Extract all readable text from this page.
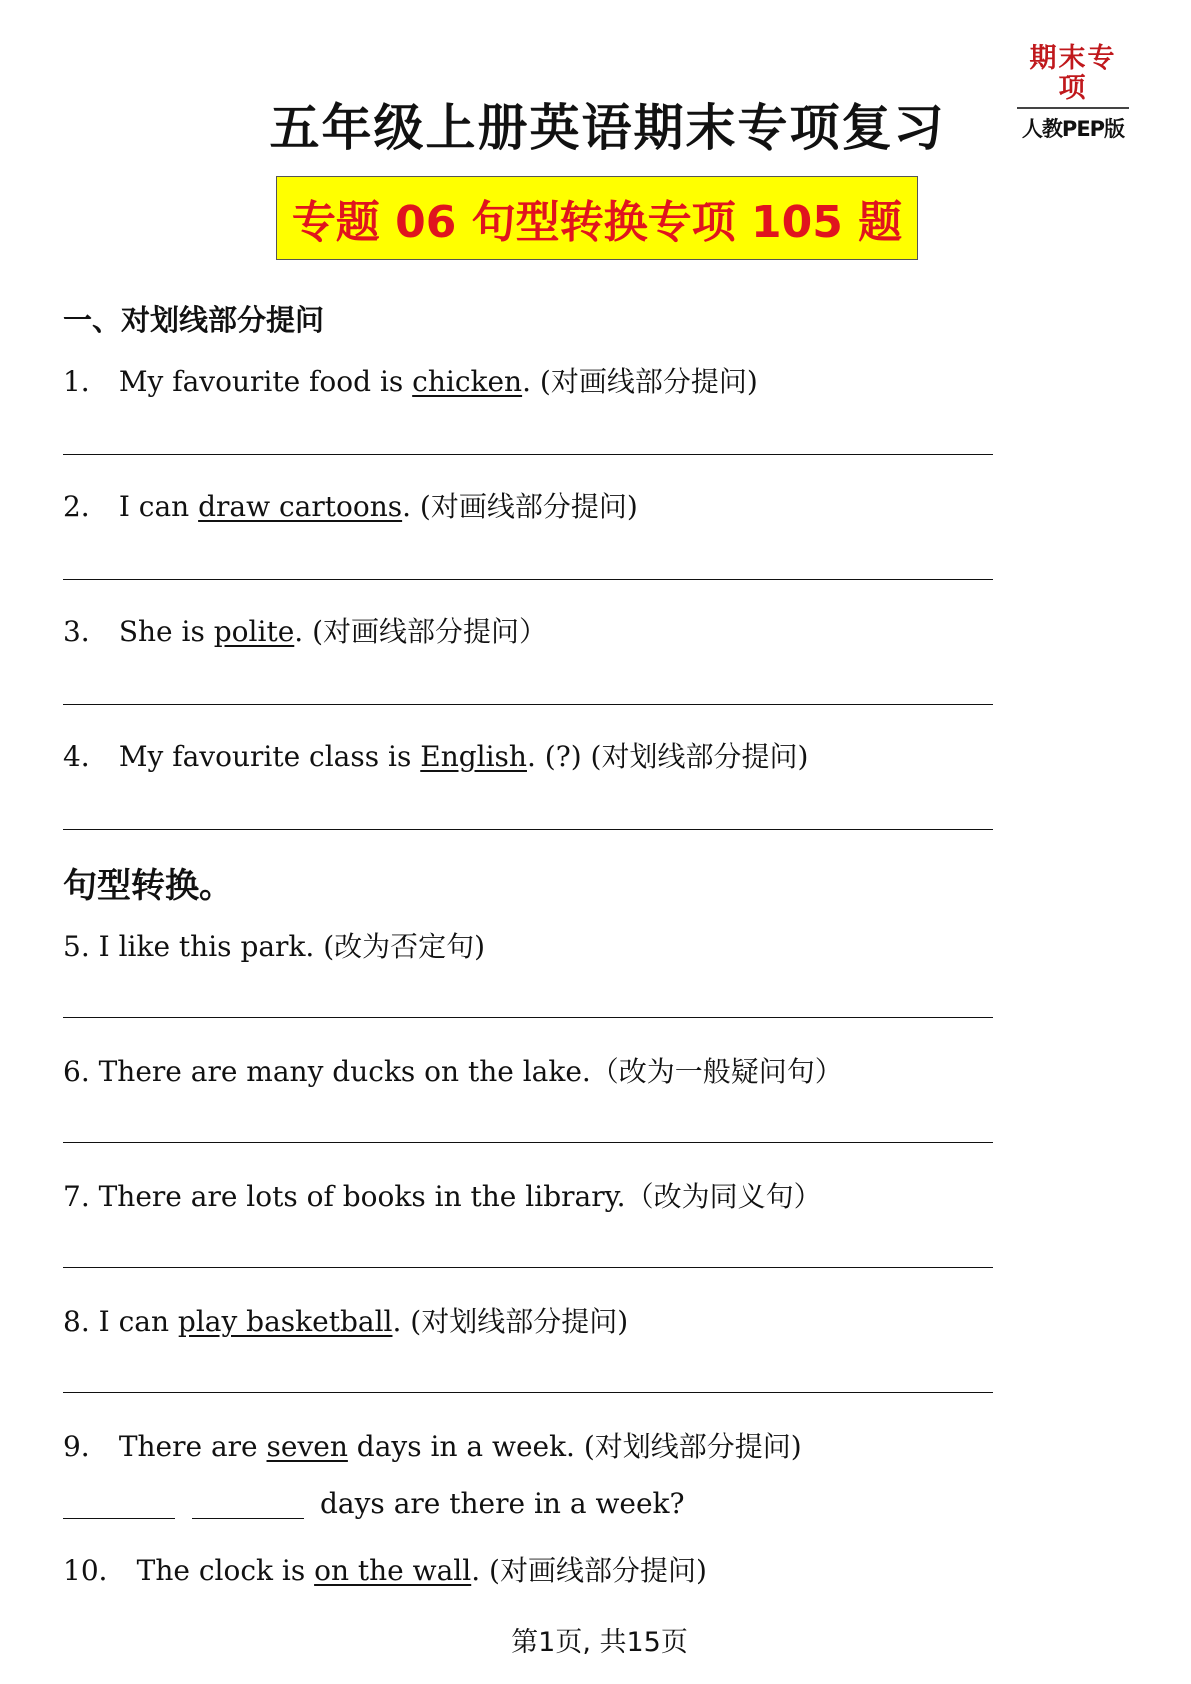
期末专项
人教PEP版
五年级上册英语期末专项复习
专题 06 句型转换专项 105 题
一、对划线部分提问
1． My favourite food is chicken. (对画线部分提问)
2． I can draw cartoons. (对画线部分提问)
3． She is polite. (对画线部分提问）
4． My favourite class is English. (?) (对划线部分提问)
句型转换。
5. I like this park. (改为否定句)
6. There are many ducks on the lake.（改为一般疑问句）
7. There are lots of books in the library.（改为同义句）
8. I can play basketball. (对划线部分提问)
9． There are seven days in a week. (对划线部分提问)
days are there in a week?
10． The clock is on the wall. (对画线部分提问)
第1页, 共15页
